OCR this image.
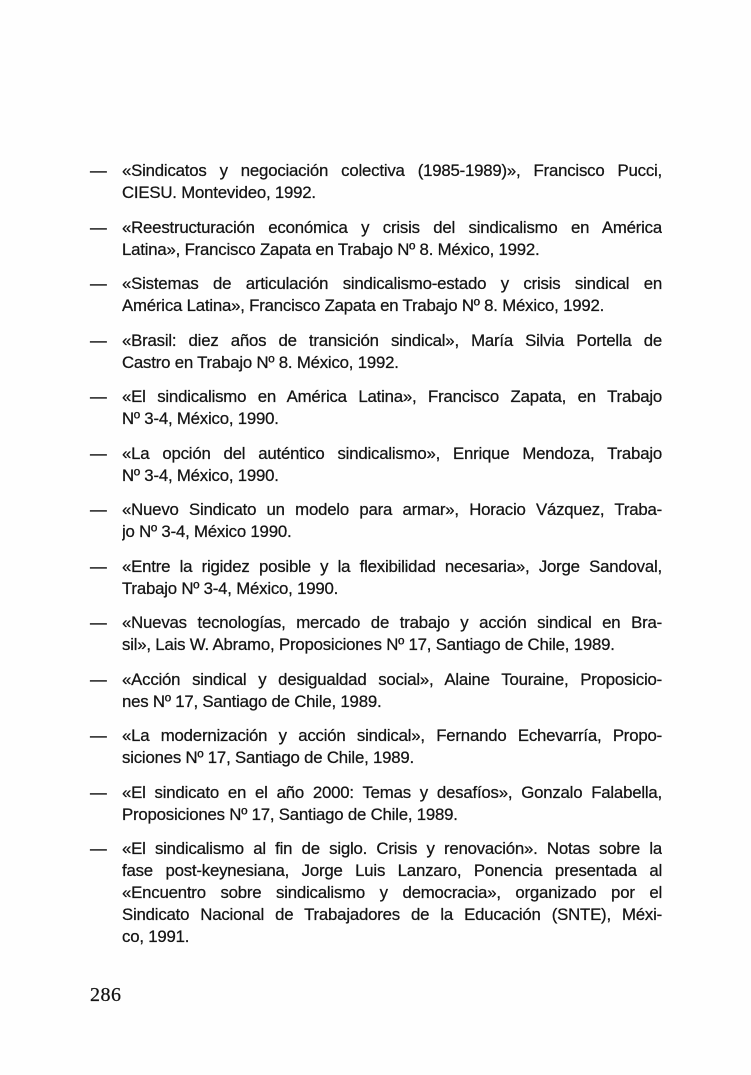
— «Sindicatos y negociación colectiva (1985-1989)», Francisco Pucci,
CIESU. Montevideo, 1992.
— «Reestructuración económica y crisis del sindicalismo en América
Latina», Francisco Zapata en Trabajo Nº 8. México, 1992.
— «Sistemas de articulación sindicalismo-estado y crisis sindical en
América Latina», Francisco Zapata en Trabajo Nº 8. México, 1992.
— «Brasil: diez años de transición sindical», María Silvia Portella de
Castro en Trabajo Nº 8. México, 1992.
— «El sindicalismo en América Latina», Francisco Zapata, en Trabajo
Nº 3-4, México, 1990.
— «La opción del auténtico sindicalismo», Enrique Mendoza, Trabajo
Nº 3-4, México, 1990.
— «Nuevo Sindicato un modelo para armar», Horacio Vázquez, Traba-
jo Nº 3-4, México 1990.
— «Entre la rigidez posible y la flexibilidad necesaria», Jorge Sandoval,
Trabajo Nº 3-4, México, 1990.
— «Nuevas tecnologías, mercado de trabajo y acción sindical en Bra-
sil», Lais W. Abramo, Proposiciones Nº 17, Santiago de Chile, 1989.
— «Acción sindical y desigualdad social», Alaine Touraine, Proposicio-
nes Nº 17, Santiago de Chile, 1989.
— «La modernización y acción sindical», Fernando Echevarría, Propo-
siciones Nº 17, Santiago de Chile, 1989.
— «El sindicato en el año 2000: Temas y desafíos», Gonzalo Falabella,
Proposiciones Nº 17, Santiago de Chile, 1989.
— «El sindicalismo al fin de siglo. Crisis y renovación». Notas sobre la
fase post-keynesiana, Jorge Luis Lanzaro, Ponencia presentada al
«Encuentro sobre sindicalismo y democracia», organizado por el
Sindicato Nacional de Trabajadores de la Educación (SNTE), Méxi-
co, 1991.
286
